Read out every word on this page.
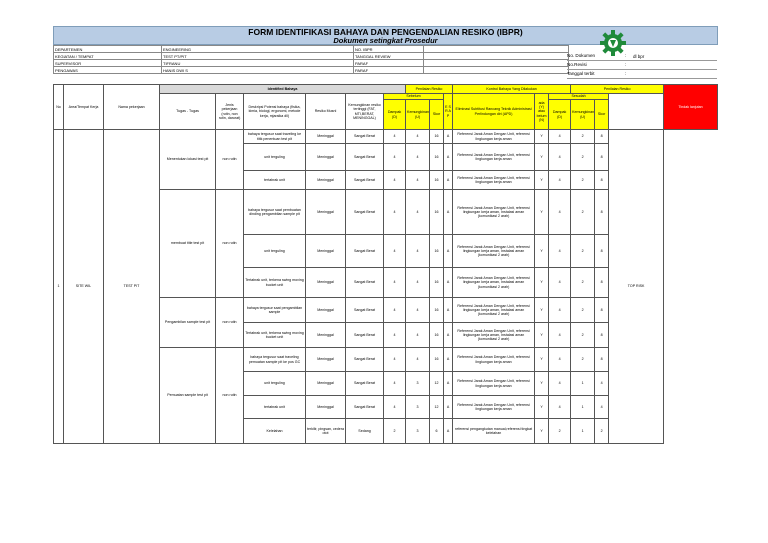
FORM IDENTIFIKASI BAHAYA DAN PENGENDALIAN RESIKO (IBPR)
Dokumen setingkat Prosedur
DEPARTEMEN	ENGINEERING	NO. IBPR	
KEGIATAN / TEMPAT	TEST PT/PIT	TANGGAL REVIEW	
SUPERVISOR	TIFRANU	PARAF	
PENGAWAS	HANIS DWI S	PARAF	
dl bpr
No. Dokumen	:
No.Revisi	:
Tanggal terbit	:
No	Area/Tempat Kerja	Nama pekerjaan	Identified Bahaya						Penilaian Resiko			Kontrol Bahaya Yang Dilakukan			Penilaian Resiko			Tindak lanjutan
			Tugas - Tugas	Jenis pekerjaan (rutin, non rutin, darurat)	Deskripsi Potensi bahaya (fisika, kimia, biologi, ergonomi, metode kerja, mjaraika dll)	Resiko Musnl	Kemungkinan resiko tertinggi (FAT, MTI,BERAT, MENINGGAL)	Sebelum			E S R A P	Eliminasi Subtitusi Rancang Teknik Administrasi Perlindungan diri (APD)	ada (Y) atau belum (N)	Sesudah				
								Dampak (D)	Kemungkinan (U)	Skor				Dampak (D)	Kemungkinan (U)	Skor		
1	SITE WIL	TEST PIT	Menentukan lokasi test pit	non rutin	bahaya tergusur saat traveling ke titik penentuan test pit	Meninggal	Sangat Berat	4	4	16	A	Referensi Jarak Aman Dengan Unit, referensi lingkungan kerja aman	Y	4	2	8	TOP RISK	
					unit terguling	Meninggal	Sangat Berat	4	4	16	A	Referensi Jarak Aman Dengan Unit, referensi lingkungan kerja aman	Y	4	2	8		
					tertabrak unit	Meninggal	Sangat Berat	4	4	16	A	Referensi Jarak Aman Dengan Unit, referensi lingkungan kerja aman	Y	4	2	8		
			membuat title test pit	non rutin	bahaya tergusur saat pembuatan dinding pengambilan sample pit	Meninggal	Sangat Berat	4	4	16	A	Referensi Jarak Aman Dengan Unit, referensi lingkungan kerja aman, Instalasi aman (komunikasi 2 arah)	Y	4	2	8		
					unit terguling	Meninggal	Sangat Berat	4	4	16	A	Referensi Jarak Aman Dengan Unit, referensi lingkungan kerja aman, Instalasi aman (komunikasi 2 arah)	Y	4	2	8		
					Tertabrak unit, terkena swing moving bucket unit	Meninggal	Sangat Berat	4	4	16	A	Referensi Jarak Aman Dengan Unit, referensi lingkungan kerja aman, Instalasi aman (komunikasi 2 arah)	Y	4	2	8		
			Pengambilan sample test pit	non rutin	bahaya tergusur saat pengambilan sample	Meninggal	Sangat Berat	4	4	16	A	Referensi Jarak Aman Dengan Unit, referensi lingkungan kerja aman, Instalasi aman (komunikasi 2 arah)	Y	4	2	8		
					Tertabrak unit, terkena swing moving bucket unit	Meninggal	Sangat Berat	4	4	16	A	Referensi Jarak Aman Dengan Unit, referensi lingkungan kerja aman, Instalasi aman (komunikasi 2 arah)	Y	4	2	8		
			Pemuatan sample test pit	non rutin	bahaya tergusur saat traveling pemuatan sample pit ke pos GC	Meninggal	Sangat Berat	4	4	16	A	Referensi Jarak Aman Dengan Unit, referensi lingkungan kerja aman	Y	4	2	8		
					unit terguling	Meninggal	Sangat Berat	4	3	12	A	Referensi Jarak Aman Dengan Unit, referensi lingkungan kerja aman	Y	4	1	4		
					tertabrak unit	Meninggal	Sangat Berat	4	3	12	A	Referensi Jarak Aman Dengan Unit, referensi lingkungan kerja aman	Y	4	1	4		
					Kelelahan	terkilir, pingsan, cedera otot	Sedang	2	3	6	A	referensi pengangkutan manual,referensi tingkat kelelahan	Y	2	1	2		
